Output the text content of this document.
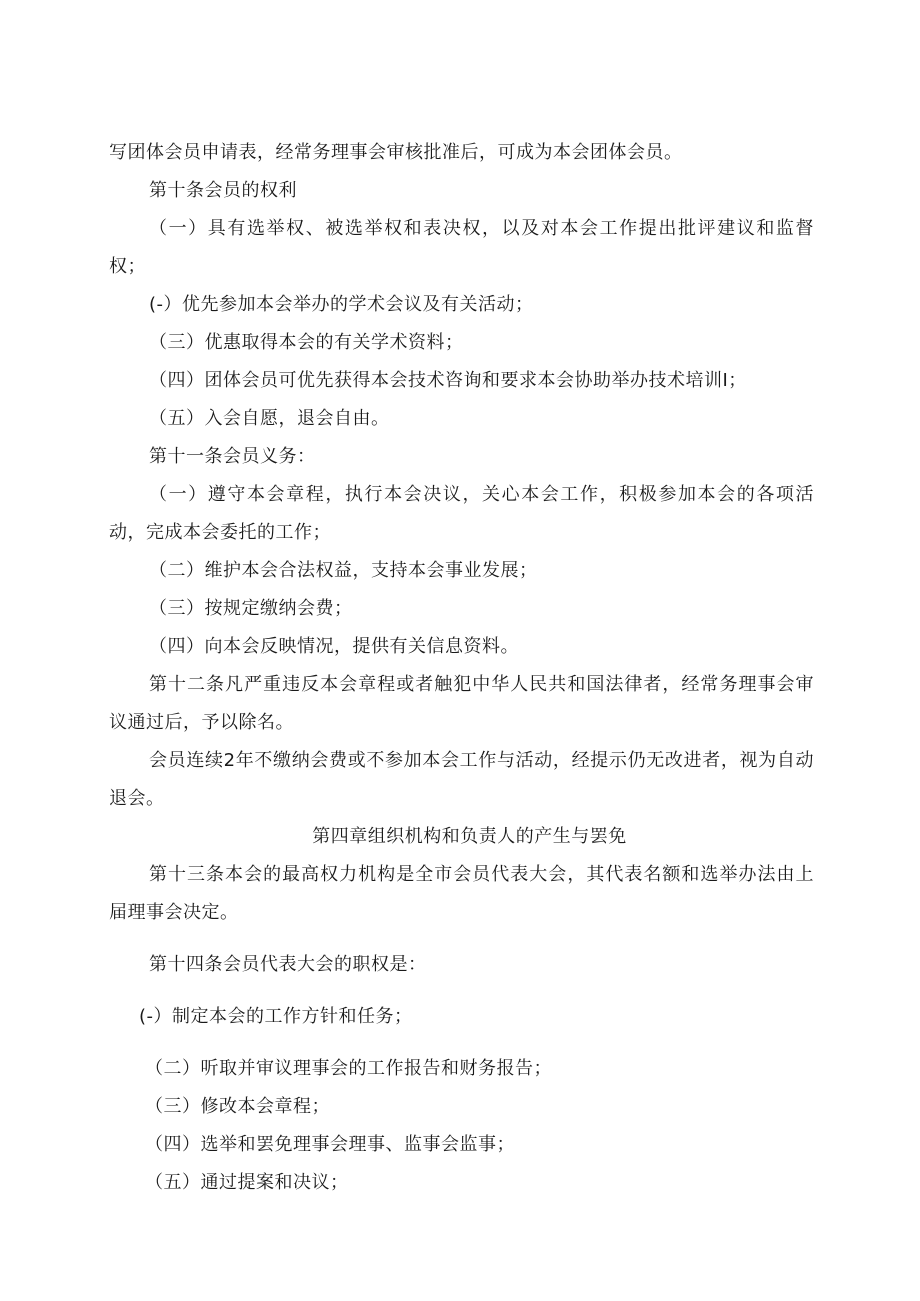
写团体会员申请表，经常务理事会审核批准后，可成为本会团体会员。

第十条会员的权利

（一）具有选举权、被选举权和表决权，以及对本会工作提出批评建议和监督权；

(-）优先参加本会举办的学术会议及有关活动；

（三）优惠取得本会的有关学术资料；

（四）团体会员可优先获得本会技术咨询和要求本会协助举办技术培训I；

（五）入会自愿，退会自由。

第十一条会员义务：

（一）遵守本会章程，执行本会决议，关心本会工作，积极参加本会的各项活动，完成本会委托的工作；

（二）维护本会合法权益，支持本会事业发展；

（三）按规定缴纳会费；

（四）向本会反映情况，提供有关信息资料。

第十二条凡严重违反本会章程或者触犯中华人民共和国法律者，经常务理事会审议通过后，予以除名。

会员连续2年不缴纳会费或不参加本会工作与活动，经提示仍无改进者，视为自动退会。

第四章组织机构和负责人的产生与罢免

第十三条本会的最高权力机构是全市会员代表大会，其代表名额和选举办法由上届理事会决定。

第十四条会员代表大会的职权是：

(-）制定本会的工作方针和任务；

（二）听取并审议理事会的工作报告和财务报告；

（三）修改本会章程；

（四）选举和罢免理事会理事、监事会监事；

（五）通过提案和决议；
